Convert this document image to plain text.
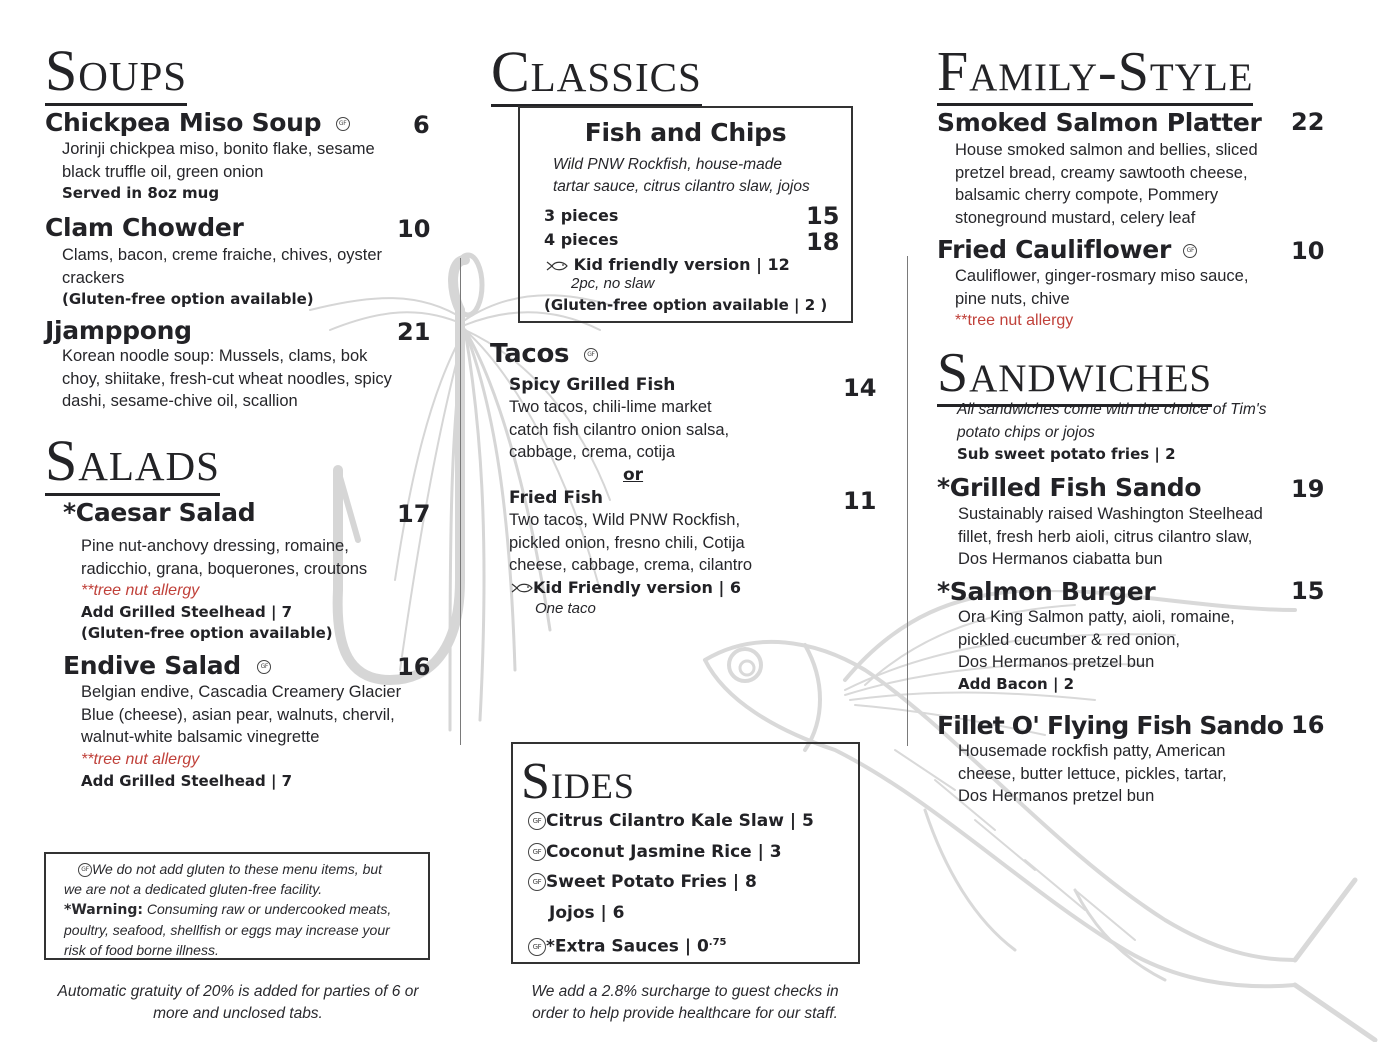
Soups
Chickpea Miso Soup	GF	6
Jorinji chickpea miso, bonito flake, sesame
black truffle oil, green onion
Served in 8oz mug
Clam Chowder	10
Clams, bacon, creme fraiche, chives, oyster
crackers
(Gluten-free option available)
Jjamppong	21
Korean noodle soup: Mussels, clams, bok
choy, shiitake, fresh-cut wheat noodles, spicy
dashi, sesame-chive oil, scallion
Salads
*Caesar Salad	17
Pine nut-anchovy dressing, romaine,
radicchio, grana, boquerones, croutons
**tree nut allergy
Add Grilled Steelhead | 7
(Gluten-free option available)
Endive Salad	GF	16
Belgian endive, Cascadia Creamery Glacier
Blue (cheese), asian pear, walnuts, chervil,
walnut-white balsamic vinegrette
**tree nut allergy
Add Grilled Steelhead | 7
GF We do not add gluten to these menu items, but
we are not a dedicated gluten-free facility.
*Warning: Consuming raw or undercooked meats,
poultry, seafood, shellfish or eggs may increase your
risk of food borne illness.
Automatic gratuity of 20% is added for parties of 6 or
more and unclosed tabs.
Classics
Fish and Chips
Wild PNW Rockfish, house-made
tartar sauce, citrus cilantro slaw, jojos
3 pieces	15
4 pieces	18
Kid friendly version | 12
2pc, no slaw
(Gluten-free option available | 2 )
Tacos	GF
Spicy Grilled Fish	14
Two tacos, chili-lime market
catch fish cilantro onion salsa,
cabbage, crema, cotija
or
Fried Fish	11
Two tacos, Wild PNW Rockfish,
pickled onion, fresno chili, Cotija
cheese, cabbage, crema, cilantro
Kid Friendly version | 6
One taco
Sides
GF Citrus Cilantro Kale Slaw | 5
GF Coconut Jasmine Rice | 3
GF Sweet Potato Fries | 8
Jojos | 6
GF *Extra Sauces | $0^{.75}$
We add a 2.8% surcharge to guest checks in
order to help provide healthcare for our staff.
Family-Style
Smoked Salmon Platter	22
House smoked salmon and bellies, sliced
pretzel bread, creamy sawtooth cheese,
balsamic cherry compote, Pommery
stoneground mustard, celery leaf
Fried Cauliflower	GF	10
Cauliflower, ginger-rosmary miso sauce,
pine nuts, chive
**tree nut allergy
Sandwiches
All sandwiches come with the choice of Tim's
potato chips or jojos
Sub sweet potato fries | 2
*Grilled Fish Sando	19
Sustainably raised Washington Steelhead
fillet, fresh herb aioli, citrus cilantro slaw,
Dos Hermanos ciabatta bun
*Salmon Burger	15
Ora King Salmon patty, aioli, romaine,
pickled cucumber & red onion,
Dos Hermanos pretzel bun
Add Bacon | 2
Fillet O' Flying Fish Sando 16
Housemade rockfish patty, American
cheese, butter lettuce, pickles, tartar,
Dos Hermanos pretzel bun
